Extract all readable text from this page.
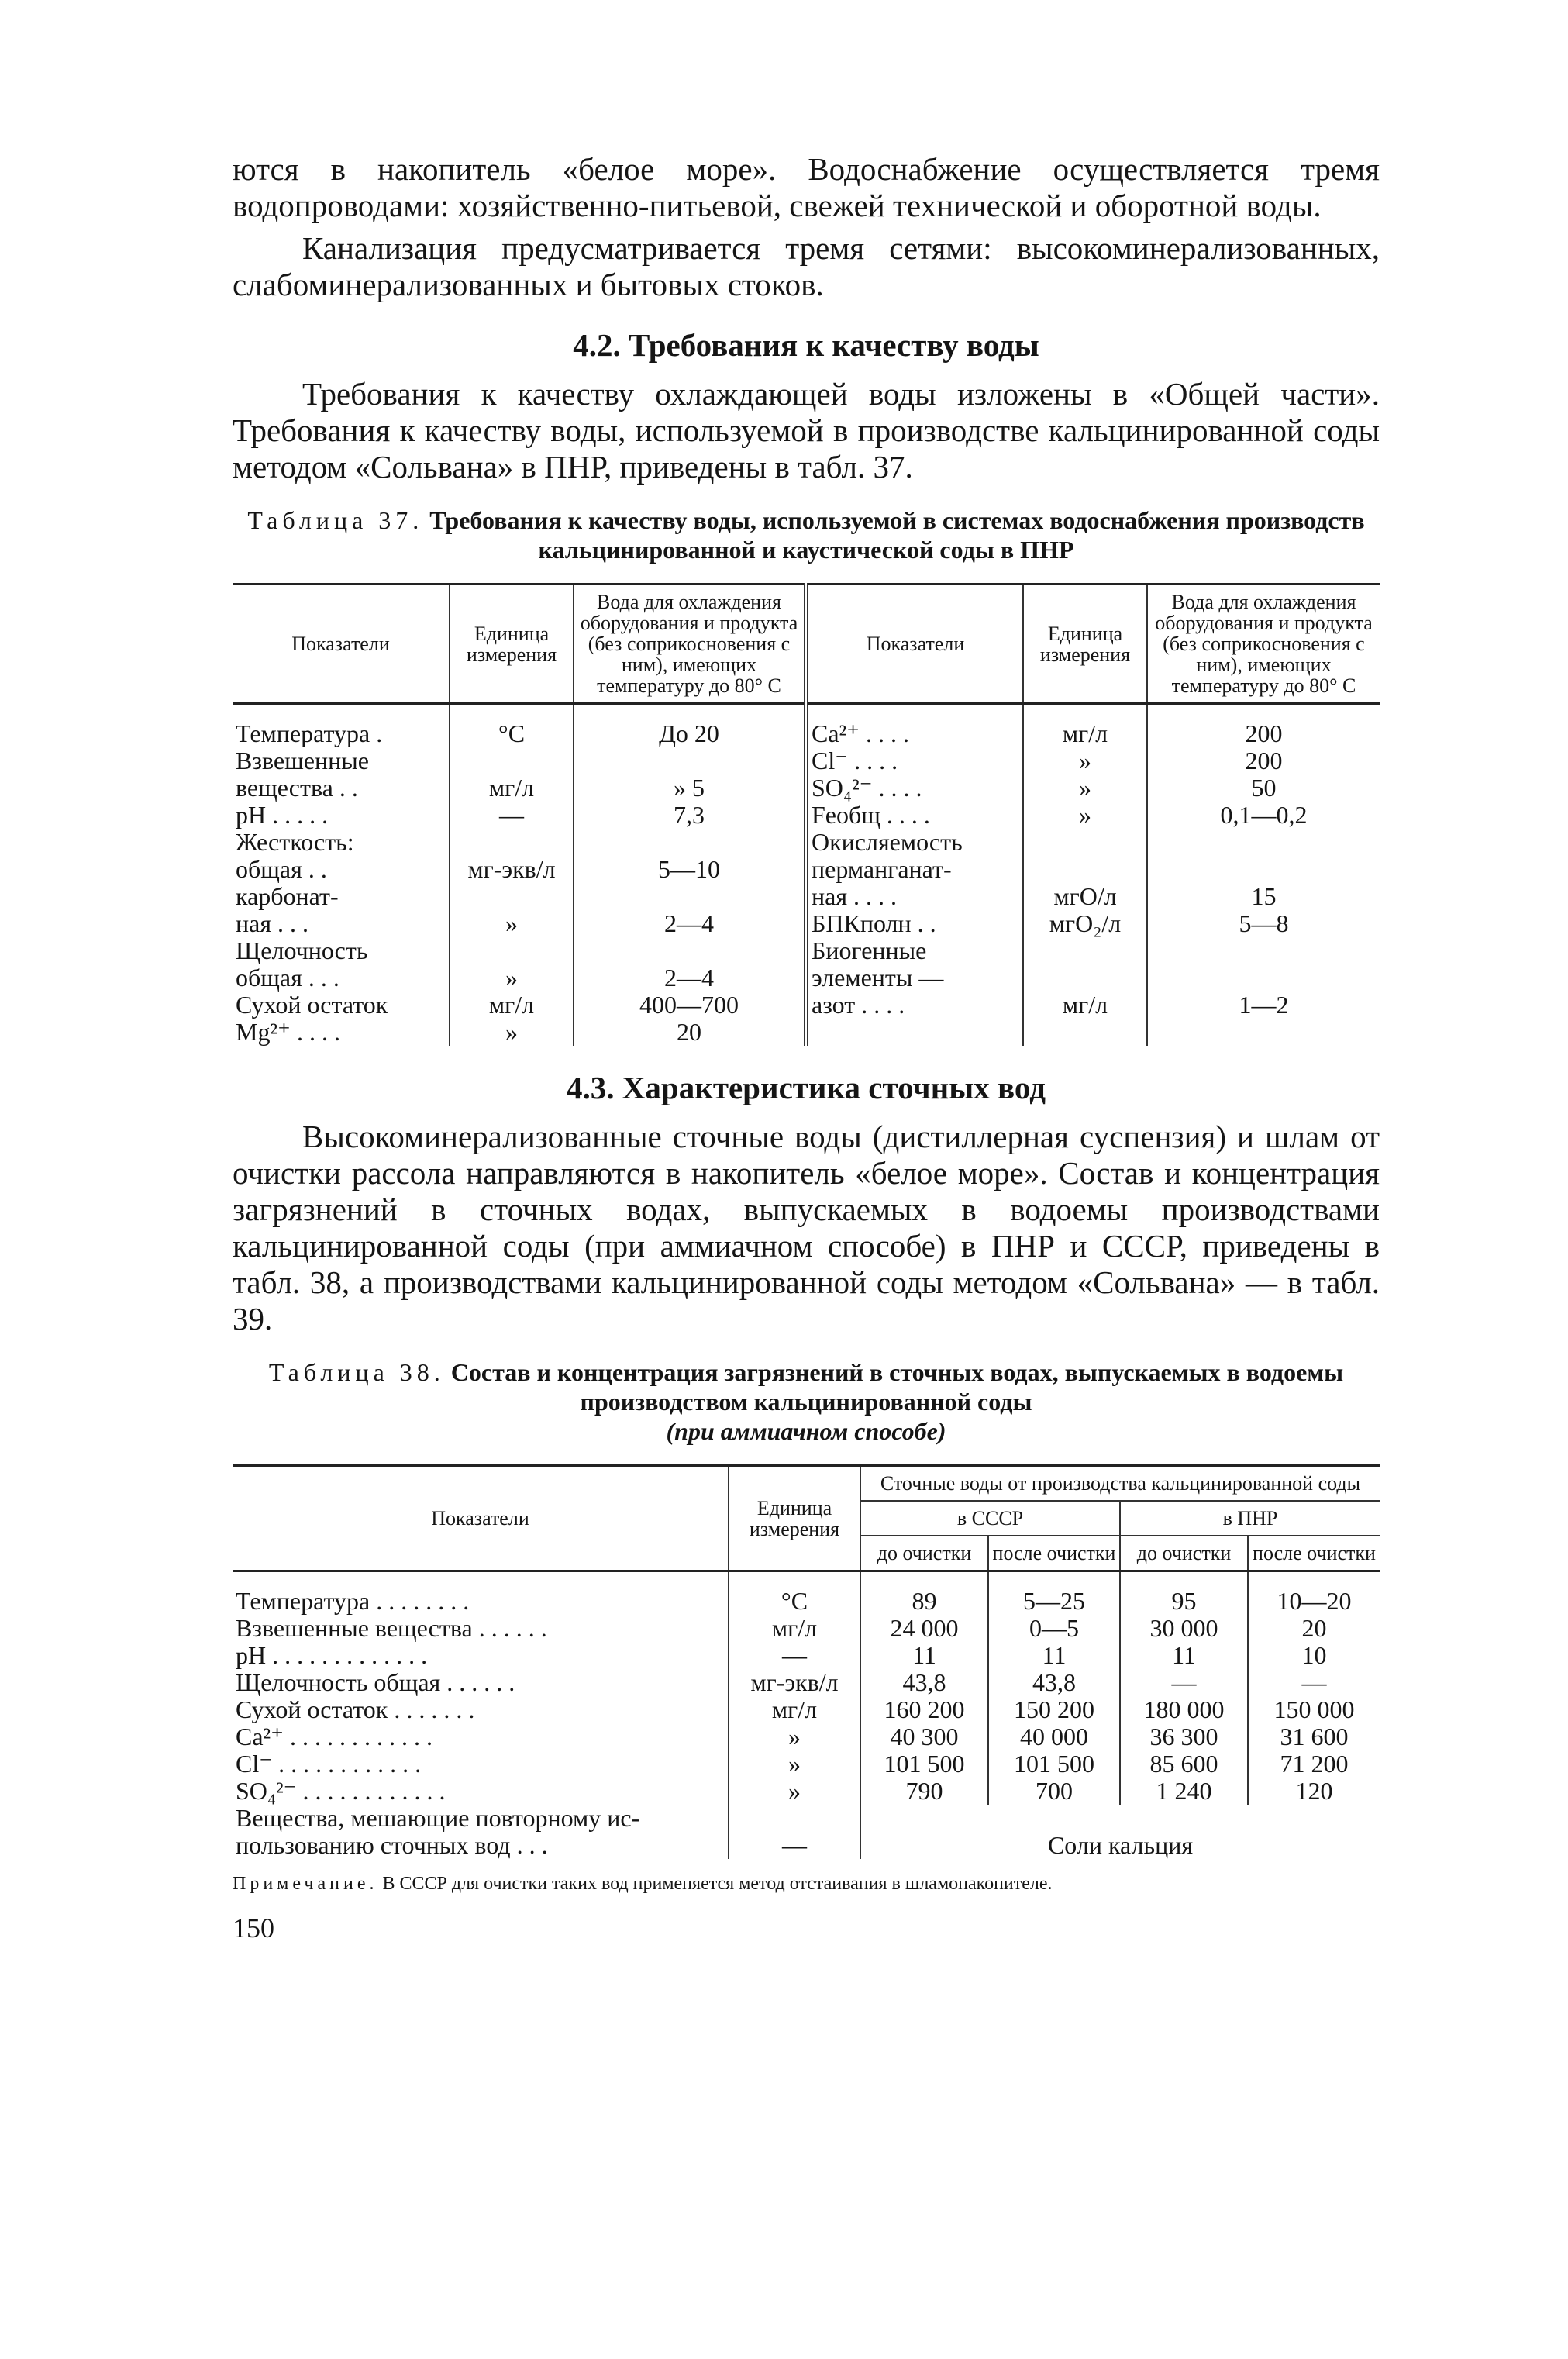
ются в накопитель «белое море». Водоснабжение осуществляется тремя водопроводами: хозяйственно-питьевой, свежей технической и оборотной воды.

Канализация предусматривается тремя сетями: высокоминерализованных, слабоминерализованных и бытовых стоков.

4.2. Требования к качеству воды

Требования к качеству охлаждающей воды изложены в «Общей части». Требования к качеству воды, используемой в производстве кальцинированной соды методом «Сольвана» в ПНР, приведены в табл. 37.

Таблица 37. Требования к качеству воды, используемой в системах водоснабжения производств кальцинированной и каустической соды в ПНР
Показатели	Единица измерения	Вода для охлаждения оборудования и продукта (без соприкосновения с ним), имеющих температуру до 80° С	Показатели	Единица измерения	Вода для охлаждения оборудования и продукта (без соприкосновения с ним), имеющих температуру до 80° С
Температура .	°С	До 20	Ca²⁺ . . . .	мг/л	200
Взвешенные			Cl⁻ . . . .	»	200
вещества . .	мг/л	» 5	SO₄²⁻ . . . .	»	50
pH . . . . .	—	7,3	Feобщ . . . .	»	0,1—0,2
Жесткость:			Окисляемость		
общая . .	мг-экв/л	5—10	перманганат-		
карбонат-			ная . . . .	мгО/л	15
ная . . .	»	2—4	БПКполн . .	мгО₂/л	5—8
Щелочность			Биогенные		
общая . . .	»	2—4	элементы —		
Сухой остаток	мг/л	400—700	азот . . . .	мг/л	1—2
Mg²⁺ . . . .	»	20			
4.3. Характеристика сточных вод

Высокоминерализованные сточные воды (дистиллерная суспензия) и шлам от очистки рассола направляются в накопитель «белое море». Состав и концентрация загрязнений в сточных водах, выпускаемых в водоемы производствами кальцинированной соды (при аммиачном способе) в ПНР и СССР, приведены в табл. 38, а производствами кальцинированной соды методом «Сольвана» — в табл. 39.

Таблица 38. Состав и концентрация загрязнений в сточных водах, выпускаемых в водоемы производством кальцинированной соды
(при аммиачном способе)
Показатели	Единица измерения	Сточные воды от производства кальцинированной соды			
		в СССР		в ПНР	
		до очистки	после очистки	до очистки	после очистки
Температура . . . . . . . .	°С	89	5—25	95	10—20
Взвешенные вещества . . . . . .	мг/л	24 000	0—5	30 000	20
pH . . . . . . . . . . . . .	—	11	11	11	10
Щелочность общая . . . . . .	мг-экв/л	43,8	43,8	—	—
Сухой остаток . . . . . . .	мг/л	160 200	150 200	180 000	150 000
Ca²⁺ . . . . . . . . . . . .	»	40 300	40 000	36 300	31 600
Cl⁻ . . . . . . . . . . . .	»	101 500	101 500	85 600	71 200
SO₄²⁻ . . . . . . . . . . . .	»	790	700	1 240	120
Вещества, мешающие повторному ис-	—	Соли кальция			
пользованию сточных вод . . .					
Примечание. В СССР для очистки таких вод применяется метод отстаивания в шламонакопителе.
150
